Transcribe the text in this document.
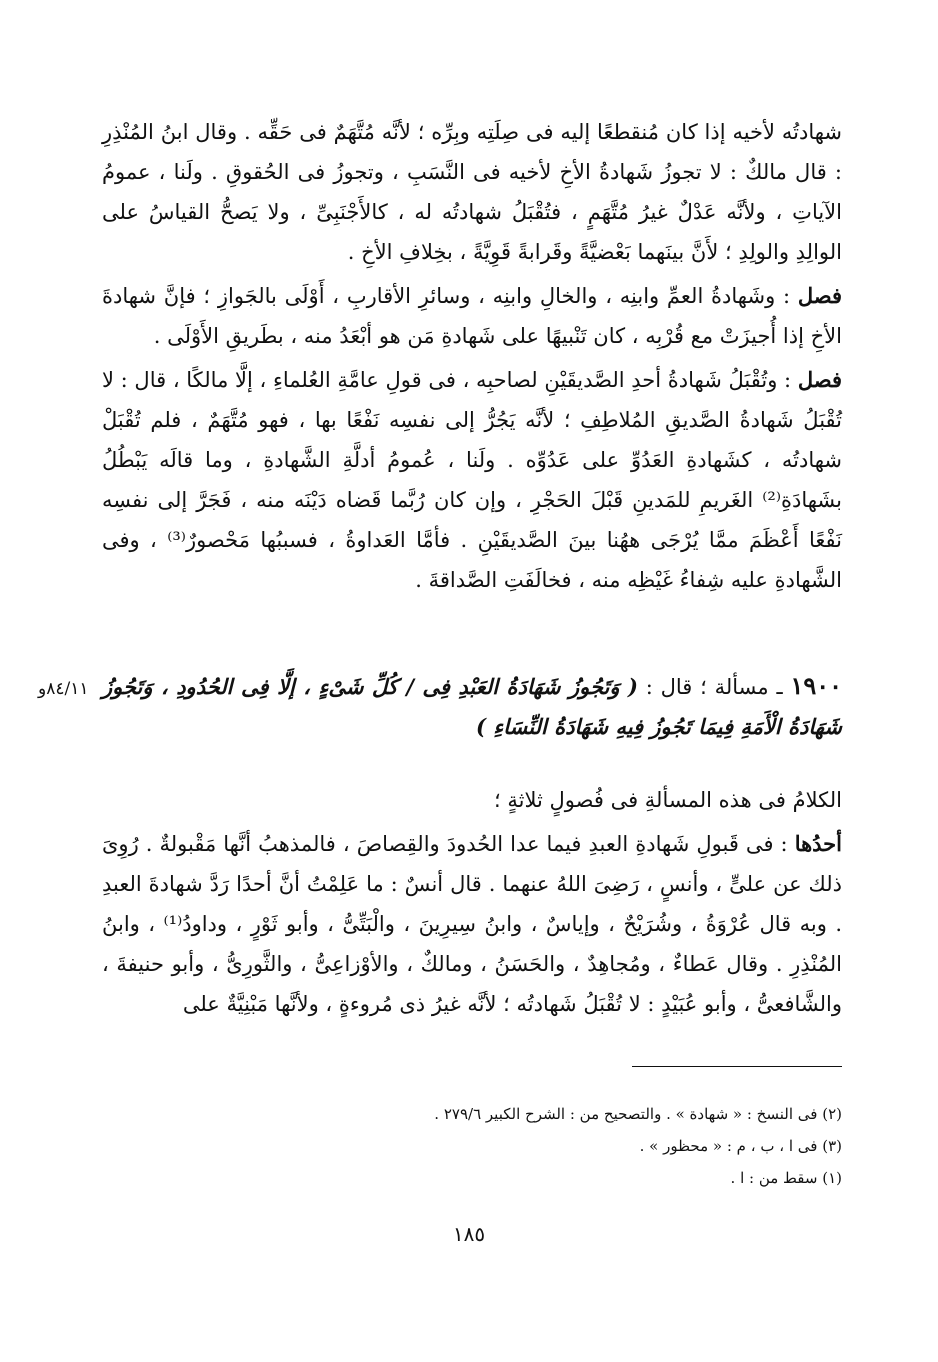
شهادتُه لأخيه إذا كان مُنقطعًا إليه فى صِلَتِه وبِرِّه ؛ لأنَّه مُتَّهَمٌ فى حَقِّه . وقال ابنُ المُنْذِرِ : قال مالكٌ : لا تجوزُ شَهادةُ الأخِ لأخيه فى النَّسَبِ ، وتجوزُ فى الحُقوقِ . ولَنا ، عمومُ الآياتِ ، ولأنَّه عَدْلٌ غيرُ مُتَّهَمٍ ، فتُقْبَلُ شهادتُه له ، كالأَجْنَبِىِّ ، ولا يَصحُّ القياسُ على الوالِدِ والولِدِ ؛ لأَنَّ بينَهما بَعْضيَّةً وقَرابةً قَوِيَّةً ، بخِلافِ الأخِ .

فصل : وشَهادةُ العمِّ وابنِه ، والخالِ وابنِه ، وسائرِ الأقاربِ ، أَوْلَى بالجَوازِ ؛ فإنَّ شهادةَ الأخِ إذا أُجيزَتْ مع قُرْبِه ، كان تَنْبيهًا على شَهادةِ مَن هو أبْعَدُ منه ، بطَريقِ الأَوْلَى .

فصل : وتُقْبَلُ شَهادةُ أحدِ الصَّديقَيْنِ لصاحبِه ، فى قولِ عامَّةِ العُلماءِ ، إلَّا مالكًا ، قال : لا تُقْبَلُ شَهادةُ الصَّديقِ المُلاطِفِ ؛ لأنَّه يَجُرُّ إلى نفسِه نَفْعًا بها ، فهو مُتَّهَمٌ ، فلم تُقْبَلْ شهادتُه ، كشَهادةِ العَدُوِّ على عَدُوِّه . ولَنا ، عُمومُ أدلَّةِ الشَّهادةِ ، وما قالَه يَبْطُلُ بشَهادَةِ⁽²⁾ الغَريمِ للمَدينِ قَبْلَ الحَجْرِ ، وإن كان رُبَّما قَضاه دَيْنَه منه ، فَجَرَّ إلى نفسِه نَفْعًا أَعْظَمَ ممَّا يُرْجَى ههُنا بينَ الصَّديقَيْنِ . فأمَّا العَداوةُ ، فسببُها مَحْصورٌ⁽³⁾ ، وفى الشَّهادةِ عليه شِفاءُ غَيْظِه منه ، فخالَفَتِ الصَّداقةَ .

١٩٠٠ ـ مسألة ؛ قال : ( وَتَجُوزُ شَهَادَةُ العَبْدِ فِى / كُلِّ شَىْءٍ ، إلَّا فِى الحُدُودِ ، وَتَجُوزُ شَهَادَةُ الْأَمَةِ فِيمَا تَجُوزُ فِيهِ شَهَادَةُ النِّسَاءِ )

٨٤/١١و

الكلامُ فى هذه المسألةِ فى فُصولٍ ثلاثةٍ ؛

أحدُها : فى قَبولِ شَهادةِ العبدِ فيما عدا الحُدودَ والقِصاصَ ، فالمذهبُ أنَّها مَقْبولةٌ . رُوِىَ ذلك عن علىٍّ ، وأنسٍ ، رَضِىَ اللهُ عنهما . قال أنسٌ : ما عَلِمْتُ أنَّ أحدًا رَدَّ شهادةَ العبدِ . وبه قال عُرْوَةُ ، وشُرَيْحٌ ، وإياسٌ ، وابنُ سِيرِينَ ، والْبَتِّىُّ ، وأبو ثَوْرٍ ، وداودُ⁽¹⁾ ، وابنُ المُنْذِرِ . وقال عَطاءٌ ، ومُجاهِدٌ ، والحَسَنُ ، ومالكٌ ، والأوْزاعِىُّ ، والثَّورِىُّ ، وأبو حنيفةَ ، والشَّافعىُّ ، وأبو عُبَيْدٍ : لا تُقْبَلُ شَهادتُه ؛ لأنَّه غيرُ ذى مُروءةٍ ، ولأنَّها مَبْنِيَّةٌ على

(٢) فى النسخ : « شهادة » . والتصحيح من : الشرح الكبير ٢٧٩/٦ .

(٣) فى ا ، ب ، م : « محظور » .

(١) سقط من : ا .

١٨٥
